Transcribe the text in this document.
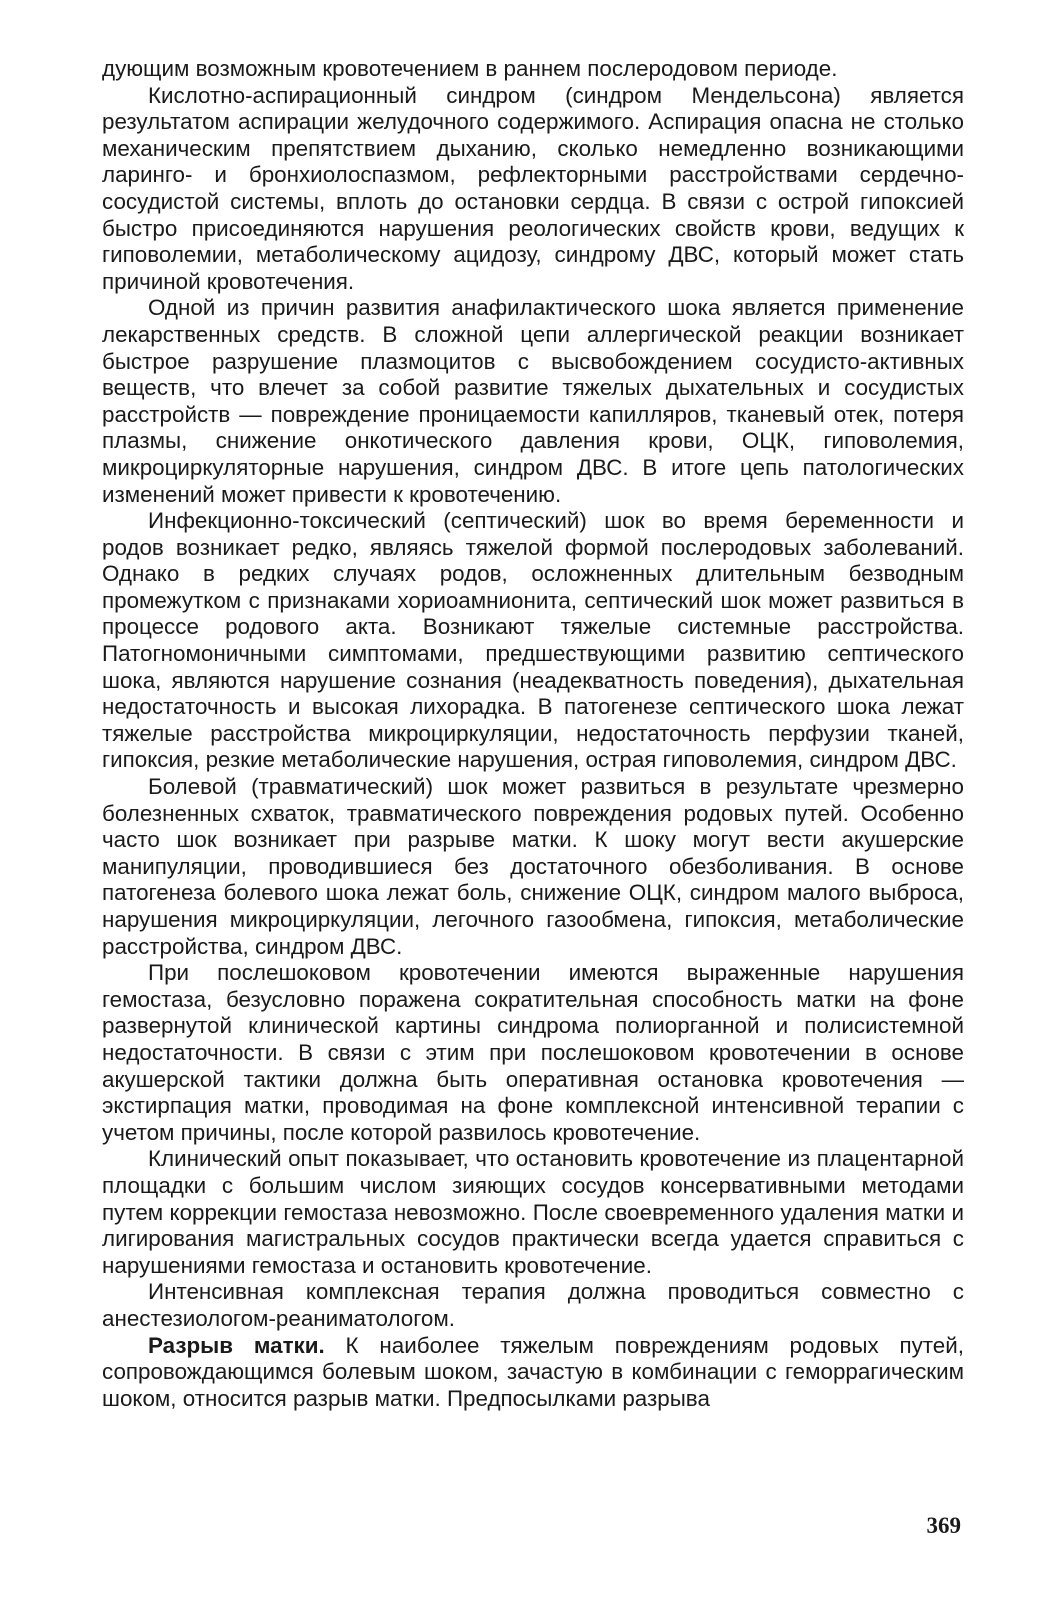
дующим возможным кровотечением в раннем послеродовом периоде.

Кислотно-аспирационный синдром (синдром Мендельсона) является результатом аспирации желудочного содержимого. Аспирация опасна не столько механическим препятствием дыханию, сколько немедленно возникающими ларинго- и бронхиолоспазмом, рефлекторными расстройствами сердечно-сосудистой системы, вплоть до остановки сердца. В связи с острой гипоксией быстро присоединяются нарушения реологических свойств крови, ведущих к гиповолемии, метаболическому ацидозу, синдрому ДВС, который может стать причиной кровотечения.

Одной из причин развития анафилактического шока является применение лекарственных средств. В сложной цепи аллергической реакции возникает быстрое разрушение плазмоцитов с высвобождением сосудисто-активных веществ, что влечет за собой развитие тяжелых дыхательных и сосудистых расстройств — повреждение проницаемости капилляров, тканевый отек, потеря плазмы, снижение онкотического давления крови, ОЦК, гиповолемия, микроциркуляторные нарушения, синдром ДВС. В итоге цепь патологических изменений может привести к кровотечению.

Инфекционно-токсический (септический) шок во время беременности и родов возникает редко, являясь тяжелой формой послеродовых заболеваний. Однако в редких случаях родов, осложненных длительным безводным промежутком с признаками хориоамнионита, септический шок может развиться в процессе родового акта. Возникают тяжелые системные расстройства. Патогномоничными симптомами, предшествующими развитию септического шока, являются нарушение сознания (неадекватность поведения), дыхательная недостаточность и высокая лихорадка. В патогенезе септического шока лежат тяжелые расстройства микроциркуляции, недостаточность перфузии тканей, гипоксия, резкие метаболические нарушения, острая гиповолемия, синдром ДВС.

Болевой (травматический) шок может развиться в результате чрезмерно болезненных схваток, травматического повреждения родовых путей. Особенно часто шок возникает при разрыве матки. К шоку могут вести акушерские манипуляции, проводившиеся без достаточного обезболивания. В основе патогенеза болевого шока лежат боль, снижение ОЦК, синдром малого выброса, нарушения микроциркуляции, легочного газообмена, гипоксия, метаболические расстройства, синдром ДВС.

При послешоковом кровотечении имеются выраженные нарушения гемостаза, безусловно поражена сократительная способность матки на фоне развернутой клинической картины синдрома полиорганной и полисистемной недостаточности. В связи с этим при послешоковом кровотечении в основе акушерской тактики должна быть оперативная остановка кровотечения — экстирпация матки, проводимая на фоне комплексной интенсивной терапии с учетом причины, после которой развилось кровотечение.

Клинический опыт показывает, что остановить кровотечение из плацентарной площадки с большим числом зияющих сосудов консервативными методами путем коррекции гемостаза невозможно. После своевременного удаления матки и лигирования магистральных сосудов практически всегда удается справиться с нарушениями гемостаза и остановить кровотечение.

Интенсивная комплексная терапия должна проводиться совместно с анестезиологом-реаниматологом.

Разрыв матки. К наиболее тяжелым повреждениям родовых путей, сопровождающимся болевым шоком, зачастую в комбинации с геморрагическим шоком, относится разрыв матки. Предпосылками разрыва

369
